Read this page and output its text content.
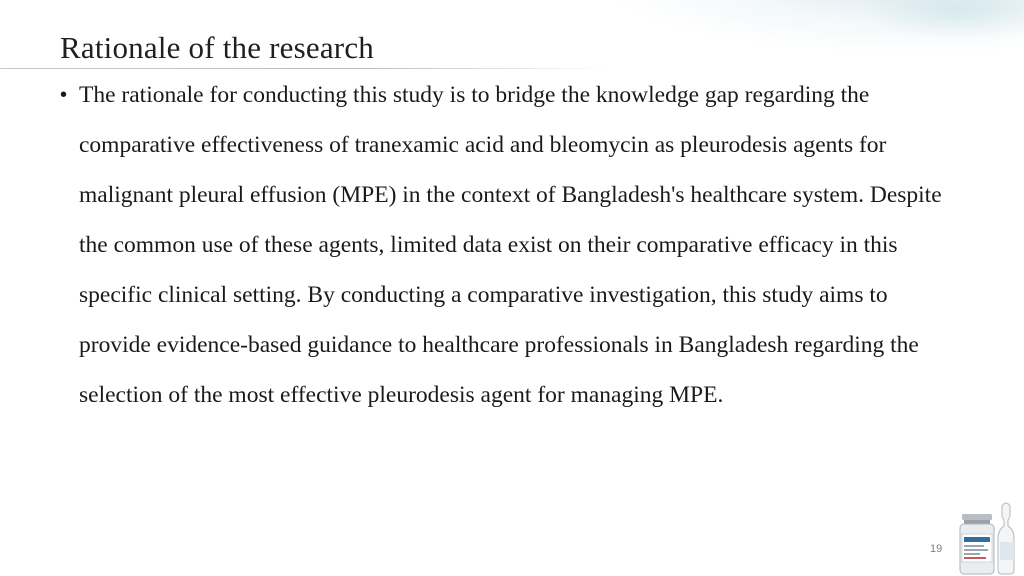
Rationale of the research
• The rationale for conducting this study is to bridge the knowledge gap regarding the comparative effectiveness of tranexamic acid and bleomycin as pleurodesis agents for malignant pleural effusion (MPE) in the context of Bangladesh's healthcare system. Despite the common use of these agents, limited data exist on their comparative efficacy in this specific clinical setting. By conducting a comparative investigation, this study aims to provide evidence-based guidance to healthcare professionals in Bangladesh regarding the selection of the most effective pleurodesis agent for managing MPE.

19
